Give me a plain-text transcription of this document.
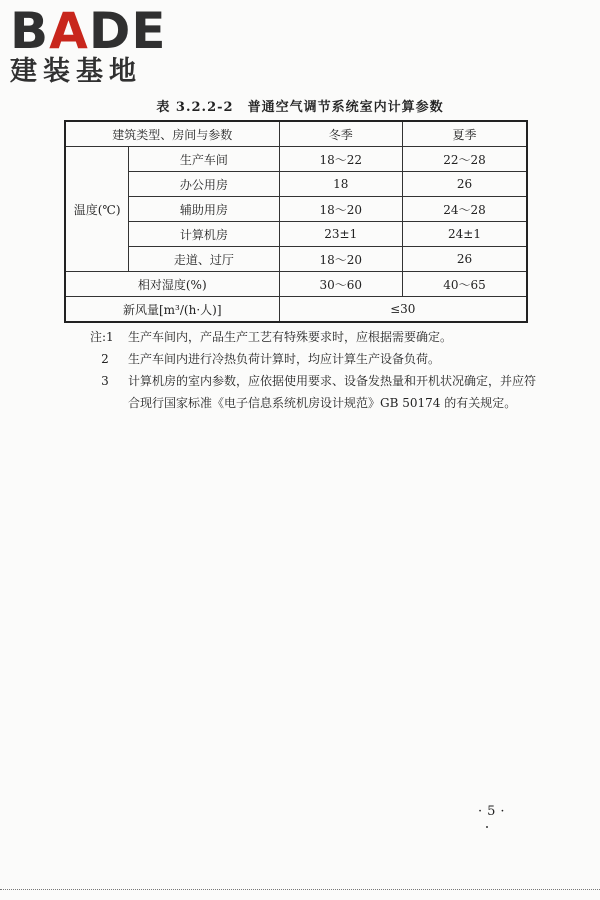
BADE
建装基地
表 3.2.2-2 普通空气调节系统室内计算参数
建筑类型、房间与参数		冬季	夏季
温度(℃)	生产车间	18～22	22～28
	办公用房	18	26
	辅助用房	18～20	24～28
	计算机房	23±1	24±1
	走道、过厅	18～20	26
相对湿度(%)		30～60	40～65
新风量[m³/(h·人)]		≤30	
注:1	生产车间内，产品生产工艺有特殊要求时，应根据需要确定。
2	生产车间内进行冷热负荷计算时，均应计算生产设备负荷。
3	计算机房的室内参数，应依据使用要求、设备发热量和开机状况确定，并应符合现行国家标准《电子信息系统机房设计规范》GB 50174 的有关规定。
·5·
